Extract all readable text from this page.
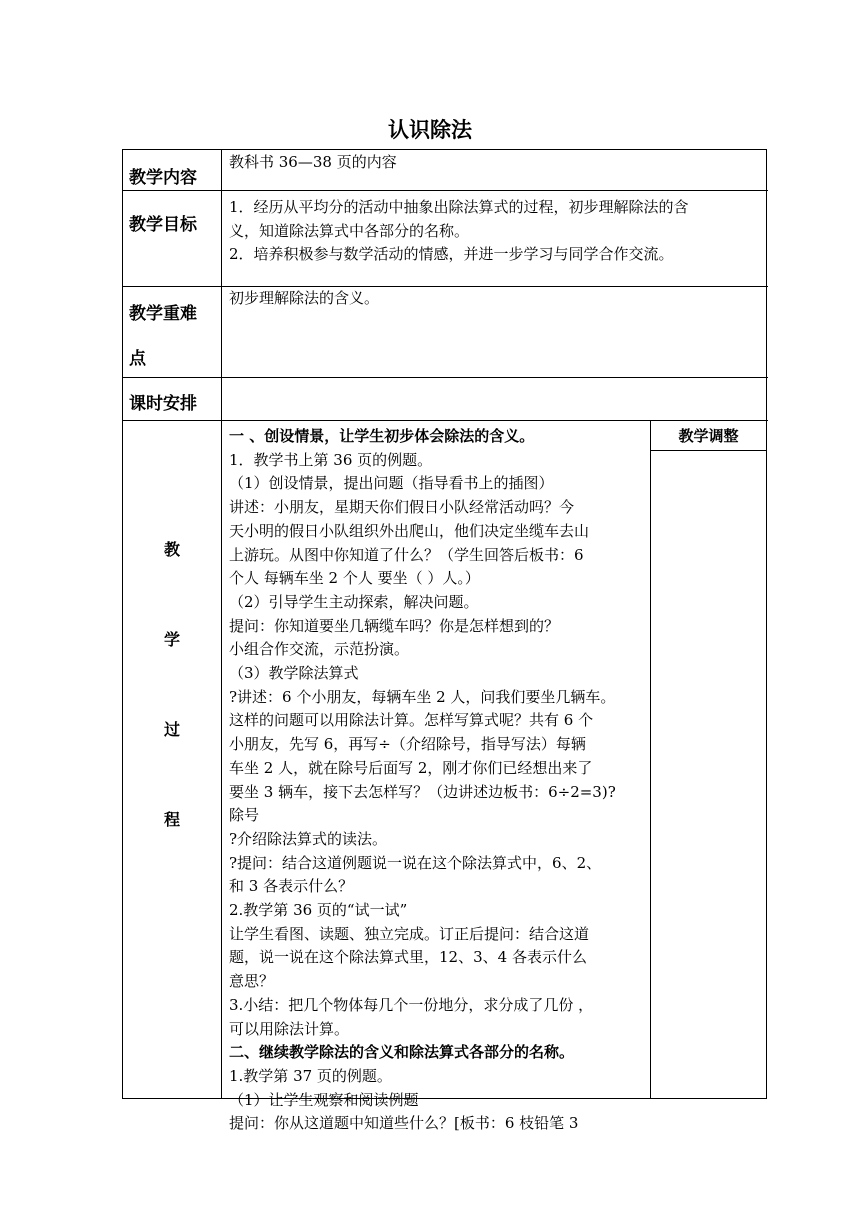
认识除法
教学内容
教科书 36—38 页的内容
教学目标
1．经历从平均分的活动中抽象出除法算式的过程，初步理解除法的含
义，知道除法算式中各部分的名称。
2．培养积极参与数学活动的情感，并进一步学习与同学合作交流。
教学重难
点
初步理解除法的含义。
课时安排
教
学
过
程
教学调整
一 、创设情景，让学生初步体会除法的含义。
1．教学书上第 36 页的例题。
（1）创设情景，提出问题（指导看书上的插图）
讲述：小朋友，星期天你们假日小队经常活动吗？今
天小明的假日小队组织外出爬山，他们决定坐缆车去山
上游玩。从图中你知道了什么？（学生回答后板书：6
个人 每辆车坐 2 个人 要坐（ ）人。）
（2）引导学生主动探索，解决问题。
提问：你知道要坐几辆缆车吗？你是怎样想到的？
小组合作交流，示范扮演。
（3）教学除法算式
?讲述：6 个小朋友，每辆车坐 2 人，问我们要坐几辆车。
这样的问题可以用除法计算。怎样写算式呢？共有 6 个
小朋友，先写 6，再写÷（介绍除号，指导写法）每辆
车坐 2 人，就在除号后面写 2，刚才你们已经想出来了
要坐 3 辆车，接下去怎样写？（边讲述边板书：6÷2=3)?
除号
?介绍除法算式的读法。
?提问：结合这道例题说一说在这个除法算式中，6、2、
和 3 各表示什么？
2.教学第 36 页的“试一试”
让学生看图、读题、独立完成。订正后提问：结合这道
题，说一说在这个除法算式里，12、3、4 各表示什么
意思？
3.小结：把几个物体每几个一份地分，求分成了几份 ，
可以用除法计算。
二、继续教学除法的含义和除法算式各部分的名称。
1.教学第 37 页的例题。
（1）让学生观察和阅读例题
提问：你从这道题中知道些什么？[板书：6 枝铅笔 3
